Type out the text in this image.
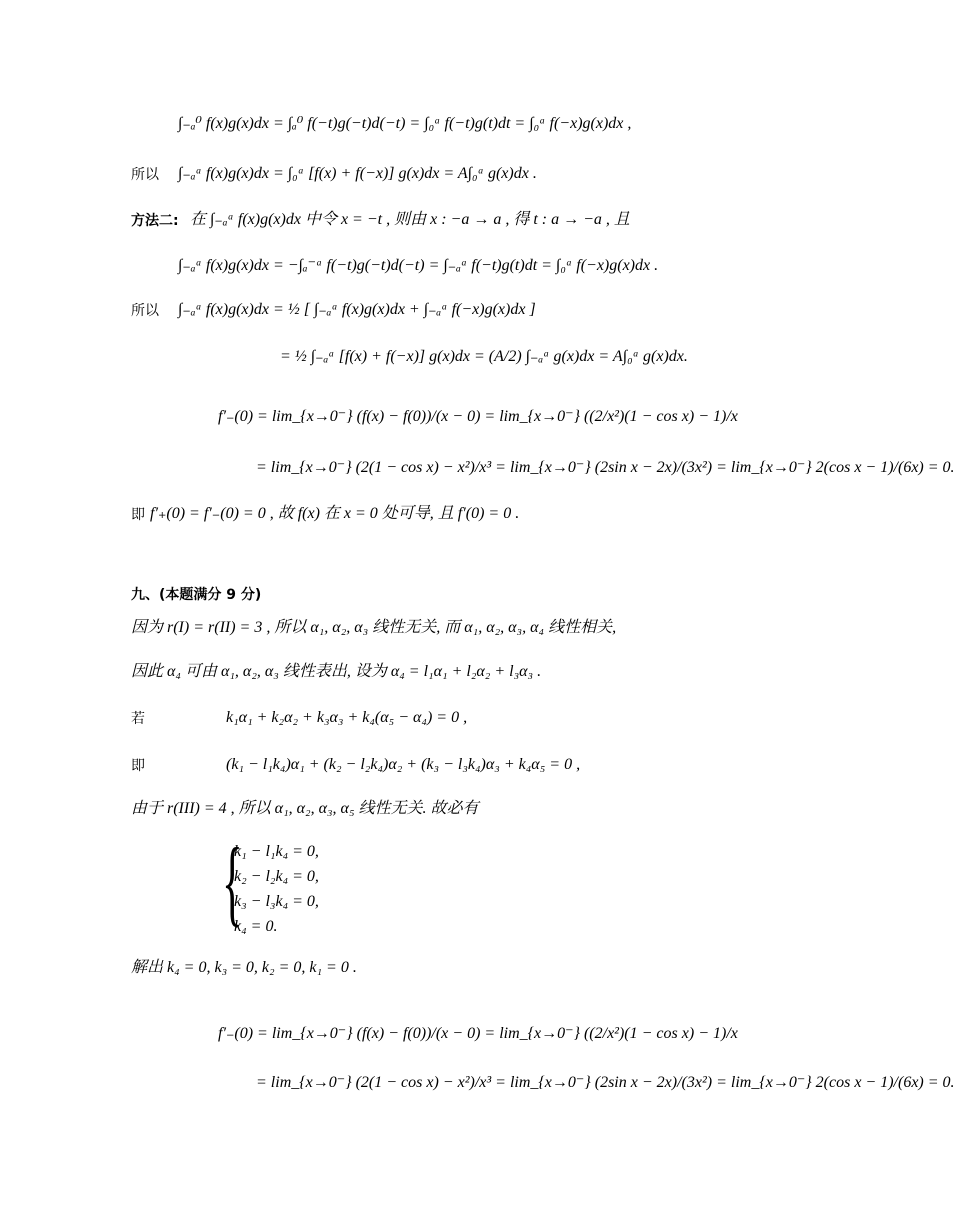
∫₋ₐ⁰ f(x)g(x)dx = ∫ₐ⁰ f(−t)g(−t)d(−t) = ∫₀ᵃ f(−t)g(t)dt = ∫₀ᵃ f(−x)g(x)dx ,
所以 ∫₋ₐᵃ f(x)g(x)dx = ∫₀ᵃ [f(x) + f(−x)] g(x)dx = A∫₀ᵃ g(x)dx .
方法二: 在 ∫₋ₐᵃ f(x)g(x)dx 中令 x = −t , 则由 x : −a → a , 得 t : a → −a , 且
∫₋ₐᵃ f(x)g(x)dx = −∫ₐ⁻ᵃ f(−t)g(−t)d(−t) = ∫₋ₐᵃ f(−t)g(t)dt = ∫₀ᵃ f(−x)g(x)dx .
所以 ∫₋ₐᵃ f(x)g(x)dx = ½ [ ∫₋ₐᵃ f(x)g(x)dx + ∫₋ₐᵃ f(−x)g(x)dx ]
= ½ ∫₋ₐᵃ [f(x) + f(−x)] g(x)dx = (A/2) ∫₋ₐᵃ g(x)dx = A∫₀ᵃ g(x)dx.
f′₋(0) = lim_{x→0⁻} (f(x) − f(0))/(x − 0) = lim_{x→0⁻} ((2/x²)(1 − cos x) − 1)/x
= lim_{x→0⁻} (2(1 − cos x) − x²)/x³ = lim_{x→0⁻} (2sin x − 2x)/(3x²) = lim_{x→0⁻} 2(cos x − 1)/(6x) = 0.
即 f′₊(0) = f′₋(0) = 0 , 故 f(x) 在 x = 0 处可导, 且 f′(0) = 0 .
九、(本题满分 9 分)
因为 r(I) = r(II) = 3 , 所以 α₁, α₂, α₃ 线性无关, 而 α₁, α₂, α₃, α₄ 线性相关,
因此 α₄ 可由 α₁, α₂, α₃ 线性表出, 设为 α₄ = l₁α₁ + l₂α₂ + l₃α₃ .
若	k₁α₁ + k₂α₂ + k₃α₃ + k₄(α₅ − α₄) = 0 ,
即	(k₁ − l₁k₄)α₁ + (k₂ − l₂k₄)α₂ + (k₃ − l₃k₄)α₃ + k₄α₅ = 0 ,
由于 r(III) = 4 , 所以 α₁, α₂, α₃, α₅ 线性无关. 故必有
{
k₁ − l₁k₄ = 0,
k₂ − l₂k₄ = 0,
k₃ − l₃k₄ = 0,
k₄ = 0.
解出 k₄ = 0, k₃ = 0, k₂ = 0, k₁ = 0 .
f′₋(0) = lim_{x→0⁻} (f(x) − f(0))/(x − 0) = lim_{x→0⁻} ((2/x²)(1 − cos x) − 1)/x
= lim_{x→0⁻} (2(1 − cos x) − x²)/x³ = lim_{x→0⁻} (2sin x − 2x)/(3x²) = lim_{x→0⁻} 2(cos x − 1)/(6x) = 0.
